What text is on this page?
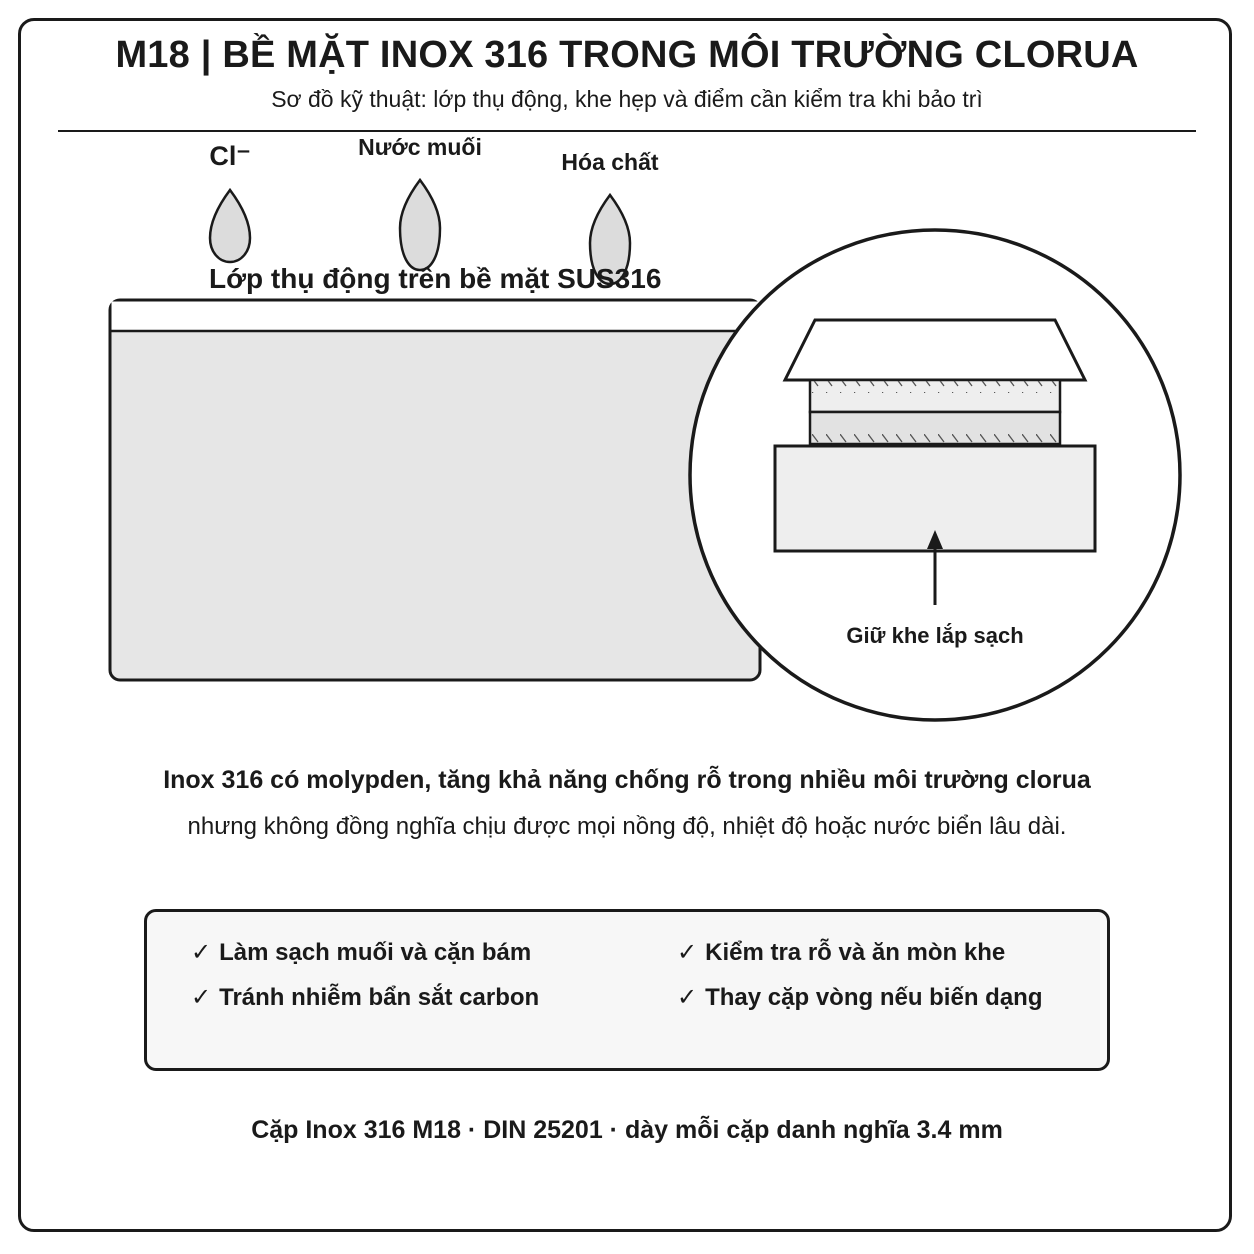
M18 | BỀ MẶT INOX 316 TRONG MÔI TRƯỜNG CLORUA
Sơ đồ kỹ thuật: lớp thụ động, khe hẹp và điểm cần kiểm tra khi bảo trì
Cl⁻	Nước muối
Hóa chất
Lớp thụ động trên bề mặt SUS316
Giữ khe lắp sạch
Inox 316 có molypden, tăng khả năng chống rỗ trong nhiều môi trường clorua
nhưng không đồng nghĩa chịu được mọi nồng độ, nhiệt độ hoặc nước biển lâu dài.
✓ Làm sạch muối và cặn bám	✓ Kiểm tra rỗ và ăn mòn khe
✓ Tránh nhiễm bẩn sắt carbon	✓ Thay cặp vòng nếu biến dạng
Cặp Inox 316 M18 · DIN 25201 · dày mỗi cặp danh nghĩa 3.4 mm
